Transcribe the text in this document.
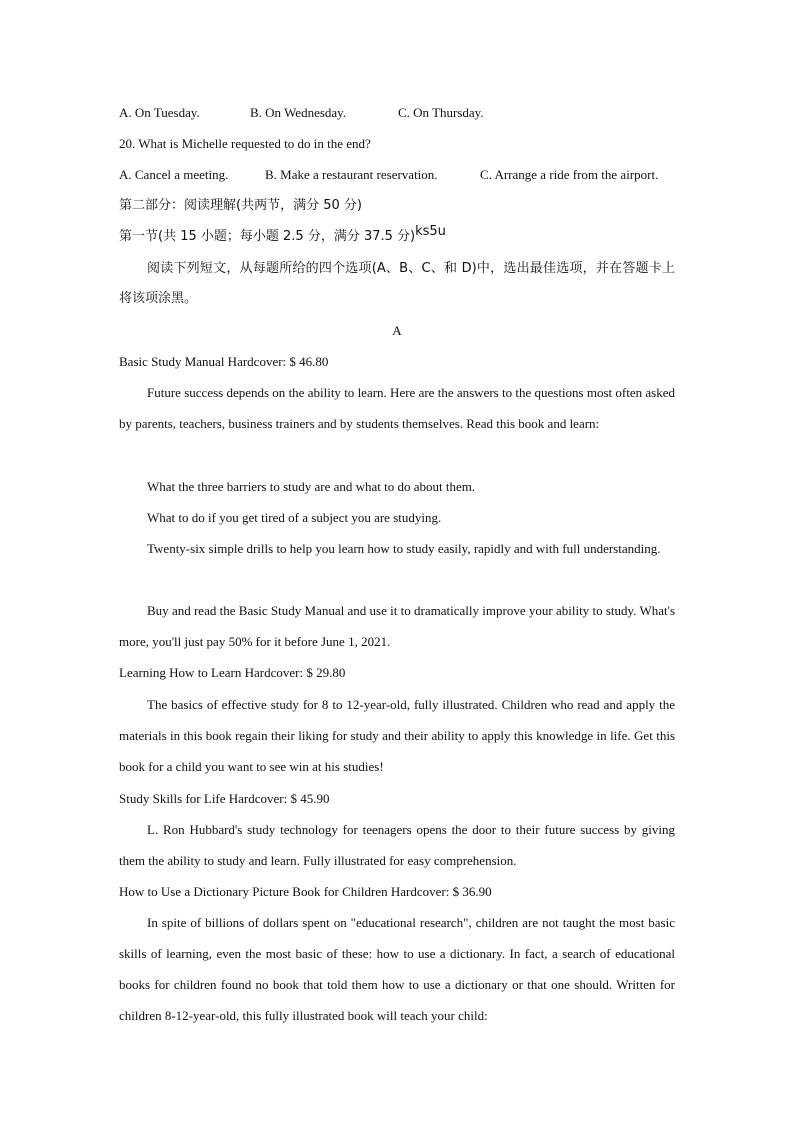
A. On Tuesday.	B. On Wednesday.	C. On Thursday.
20. What is Michelle requested to do in the end?
A. Cancel a meeting.	B. Make a restaurant reservation.	C. Arrange a ride from the airport.
第二部分：阅读理解(共两节，满分 50 分)
第一节(共 15 小题；每小题 2.5 分，满分 37.5 分)ks5u
阅读下列短文，从每题所给的四个选项(A、B、C、和 D)中，选出最佳选项，并在答题卡上将该项涂黑。
A
Basic Study Manual Hardcover: $ 46.80
Future success depends on the ability to learn. Here are the answers to the questions most often asked by parents, teachers, business trainers and by students themselves. Read this book and learn:
What the three barriers to study are and what to do about them.
What to do if you get tired of a subject you are studying.
Twenty-six simple drills to help you learn how to study easily, rapidly and with full understanding.
Buy and read the Basic Study Manual and use it to dramatically improve your ability to study. What's more, you'll just pay 50% for it before June 1, 2021.
Learning How to Learn Hardcover: $ 29.80
The basics of effective study for 8 to 12-year-old, fully illustrated. Children who read and apply the materials in this book regain their liking for study and their ability to apply this knowledge in life. Get this book for a child you want to see win at his studies!
Study Skills for Life Hardcover: $ 45.90
L. Ron Hubbard's study technology for teenagers opens the door to their future success by giving them the ability to study and learn. Fully illustrated for easy comprehension.
How to Use a Dictionary Picture Book for Children Hardcover: $ 36.90
In spite of billions of dollars spent on "educational research", children are not taught the most basic skills of learning, even the most basic of these: how to use a dictionary. In fact, a search of educational books for children found no book that told them how to use a dictionary or that one should. Written for children 8-12-year-old, this fully illustrated book will teach your child:
